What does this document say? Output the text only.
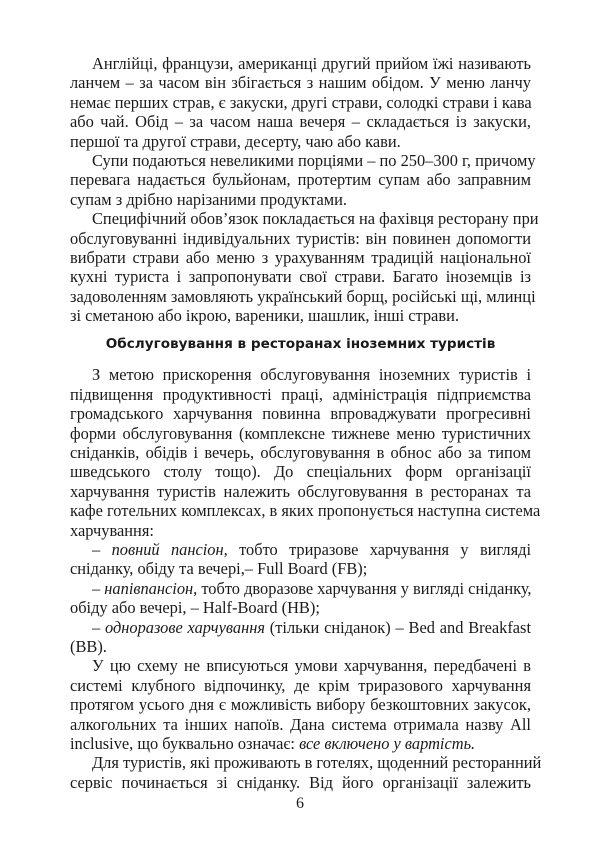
Англійці, французи, американці другий прийом їжі називають
ланчем – за часом він збігається з нашим обідом. У меню ланчу
немає перших страв, є закуски, другі страви, солодкі страви і кава
або чай. Обід – за часом наша вечеря – складається із закуски,
першої та другої страви, десерту, чаю або кави.
Супи подаються невеликими порціями – по 250–300 г, причому
перевага надається бульйонам, протертим супам або заправним
супам з дрібно нарізаними продуктами.
Специфічний обов’язок покладається на фахівця ресторану при
обслуговуванні індивідуальних туристів: він повинен допомогти
вибрати страви або меню з урахуванням традицій національної
кухні туриста і запропонувати свої страви. Багато іноземців із
задоволенням замовляють український борщ, російські щі, млинці
зі сметаною або ікрою, вареники, шашлик, інші страви.
Обслуговування в ресторанах іноземних туристів
З метою прискорення обслуговування іноземних туристів і
підвищення продуктивності праці, адміністрація підприємства
громадського харчування повинна впроваджувати прогресивні
форми обслуговування (комплексне тижневе меню туристичних
сніданків, обідів і вечерь, обслуговування в обнос або за типом
шведського столу тощо). До спеціальних форм організації
харчування туристів належить обслуговування в ресторанах та
кафе готельних комплексах, в яких пропонується наступна система
харчування:
– повний пансіон, тобто триразове харчування у вигляді
сніданку, обіду та вечері,– Full Board (FB);
– напівпансіон, тобто дворазове харчування у вигляді сніданку,
обіду або вечері, – Half-Board (HB);
– одноразове харчування (тільки сніданок) – Bed and Breakfast
(BB).
У цю схему не вписуються умови харчування, передбачені в
системі клубного відпочинку, де крім триразового харчування
протягом усього дня є можливість вибору безкоштовних закусок,
алкогольних та інших напоїв. Дана система отримала назву All
inclusive, що буквально означає: все включено у вартість.
Для туристів, які проживають в готелях, щоденний ресторанний
сервіс починається зі сніданку. Від його організації залежить
6
